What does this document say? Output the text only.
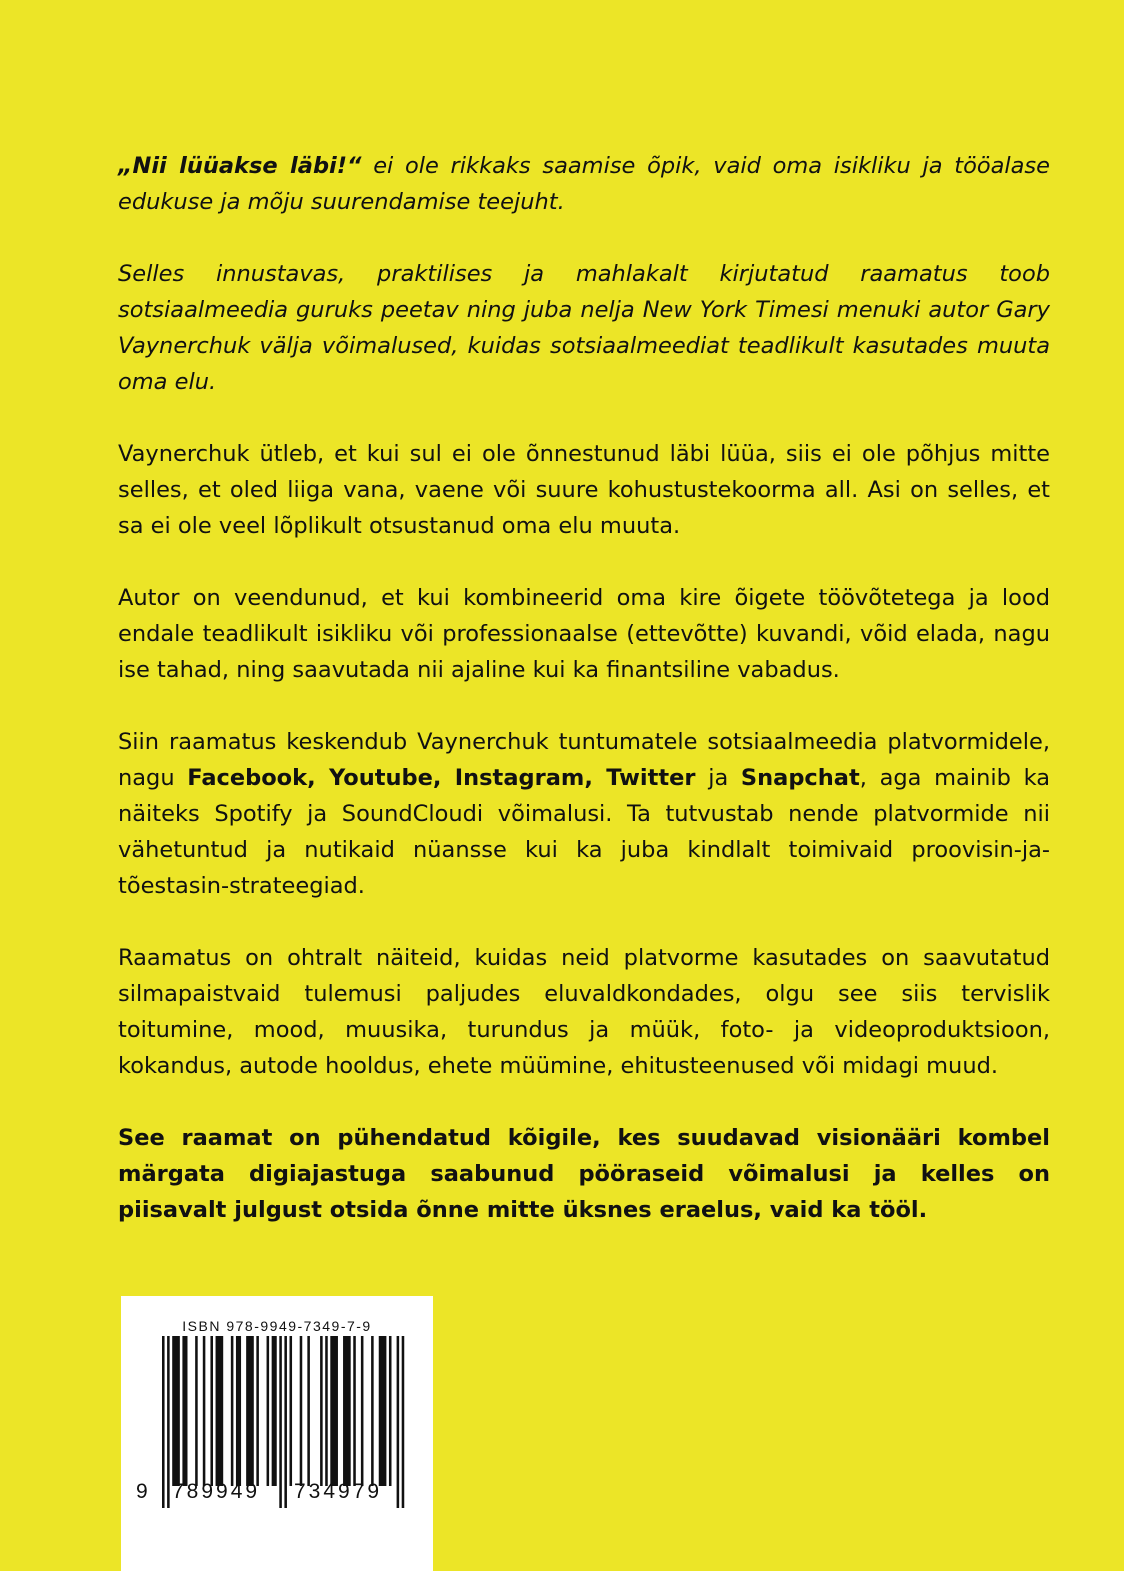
„Nii lüüakse läbi!“ ei ole rikkaks saamise õpik, vaid oma isikliku ja tööalase edukuse ja mõju suurendamise teejuht.

Selles innustavas, praktilises ja mahlakalt kirjutatud raamatus toob sotsiaalmeedia guruks peetav ning juba nelja New York Timesi menuki autor Gary Vaynerchuk välja võimalused, kuidas sotsiaalmeediat teadlikult kasutades muuta oma elu.

Vaynerchuk ütleb, et kui sul ei ole õnnestunud läbi lüüa, siis ei ole põhjus mitte selles, et oled liiga vana, vaene või suure kohustustekoorma all. Asi on selles, et sa ei ole veel lõplikult otsustanud oma elu muuta.

Autor on veendunud, et kui kombineerid oma kire õigete töövõtetega ja lood endale teadlikult isikliku või professionaalse (ettevõtte) kuvandi, võid elada, nagu ise tahad, ning saavutada nii ajaline kui ka finantsiline vabadus.

Siin raamatus keskendub Vaynerchuk tuntumatele sotsiaalmeedia platvormidele, nagu Facebook, Youtube, Instagram, Twitter ja Snapchat, aga mainib ka näiteks Spotify ja SoundCloudi võimalusi. Ta tutvustab nende platvormide nii vähetuntud ja nutikaid nüansse kui ka juba kindlalt toimivaid proovisin-ja-tõestasin-strateegiad.

Raamatus on ohtralt näiteid, kuidas neid platvorme kasutades on saavutatud silmapaistvaid tulemusi paljudes eluvaldkondades, olgu see siis tervislik toitumine, mood, muusika, turundus ja müük, foto- ja videoproduktsioon, kokandus, autode hooldus, ehete müümine, ehitusteenused või midagi muud.

See raamat on pühendatud kõigile, kes suudavad visionääri kombel märgata digiajastuga saabunud pööraseid võimalusi ja kelles on piisavalt julgust otsida õnne mitte üksnes eraelus, vaid ka tööl.

ISBN 978-9949-7349-7-9
9 789949 734979
